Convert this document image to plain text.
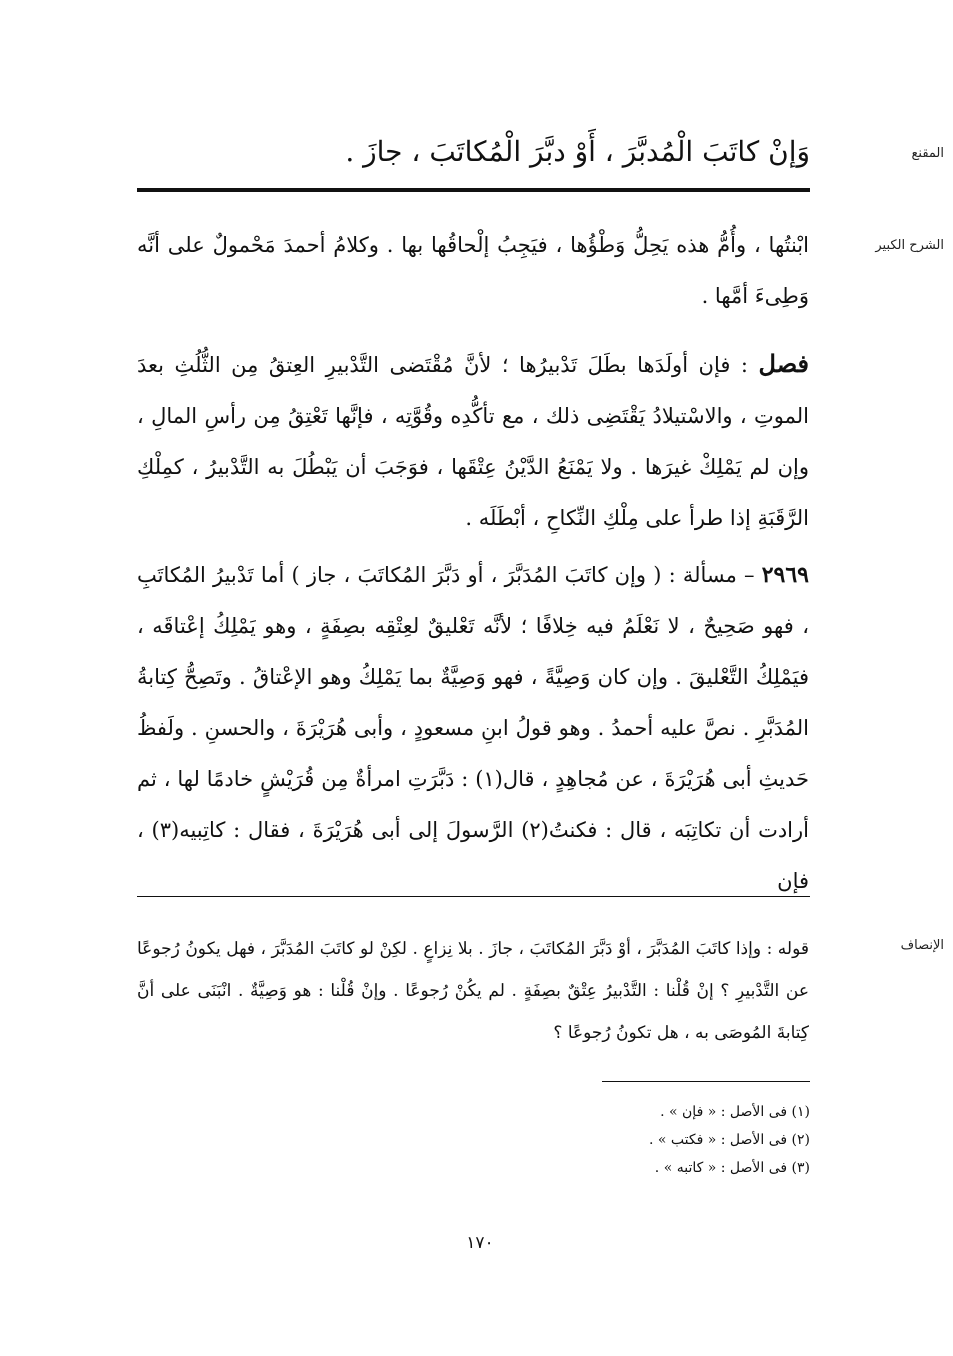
المقنع
وَإنْ كاتَبَ الْمُدبَّرَ ، أَوْ دبَّرَ الْمُكاتَبَ ، جازَ .
الشرح الكبير

ابْنتُها ، وأُمُّ هذه يَحِلُّ وَطْؤُها ، فيَجِبُ إلْحاقُها بها . وكلامُ أحمدَ مَحْمولٌ على أنَّه وَطِىءَ أمَّها .

فصل : فإن أولَدَها بطَلَ تَدْبيرُها ؛ لأنَّ مُقْتَضى التَّدْبيرِ العِتقُ مِن الثُّلُثِ بعدَ الموتِ ، والاسْتيلادُ يَقْتَضِى ذلك ، مع تأكُّدِه وقُوَّتِه ، فإنَّها تَعْتِقُ مِن رأسِ المالِ ، وإن لم يَمْلِكْ غيرَها . ولا يَمْنَعُ الدَّيْنُ عِتْقَها ، فوَجَبَ أن يَبْطُلَ به التَّدْبيرُ ، كمِلْكِ الرَّقَبَةِ إذا طرأ على مِلْكِ النِّكاحِ ، أبْطَلَه .

٢٩٦٩ – مسألة : ( وإن كاتَبَ المُدَبَّرَ ، أو دَبَّرَ المُكاتَبَ ، جاز ) أما تَدْبيرُ المُكاتَبِ ، فهو صَحِيحٌ ، لا نَعْلَمُ فيه خِلافًا ؛ لأنَّه تَعْليقٌ لعِتْقِه بصِفَةٍ ، وهو يَمْلِكُ إعْتاقَه ، فيَمْلِكُ التَّعْليقَ . وإن كان وَصِيَّةً ، فهو وَصِيَّةٌ بما يَمْلِكُ وهو الإعْتاقُ . وتَصِحُّ كِتابةُ المُدَبَّرِ . نصَّ عليه أحمدُ . وهو قولُ ابنِ مسعودٍ ، وأبى هُرَيْرَةَ ، والحسنِ . ولَفظُ حَديثِ أبى هُرَيْرَةَ ، عن مُجاهِدٍ ، قال(١) : دَبَّرَتِ امرأةٌ مِن قُرَيْشٍ خادمًا لها ، ثم أرادت أن تكاتِبَه ، قال : فكنتُ(٢) الرَّسولَ إلى أبى هُرَيْرَةَ ، فقال : كاتِبيه(٣) ، فإن

الإنصاف

قوله : وإذا كاتَبَ المُدَبَّرَ ، أوْ دَبَّرَ المُكاتَبَ ، جازَ . بلا نِزاعٍ . لكِنْ لو كاتَبَ المُدَبَّرَ ، فهل يكونُ رُجوعًا عن التَّدْبيرِ ؟ إنْ قُلْنا : التَّدْبيرُ عِتْقٌ بصِفَةٍ . لم يكُنْ رُجوعًا . وإنْ قُلْنا : هو وَصِيَّةٌ . انْبَنَى على أنَّ كِتابةَ المُوصَى به ، هل تكونُ رُجوعًا ؟

(١) فى الأصل : « فإن » .
(٢) فى الأصل : « فكتب » .
(٣) فى الأصل : « كاتبه » .
١٧٠
